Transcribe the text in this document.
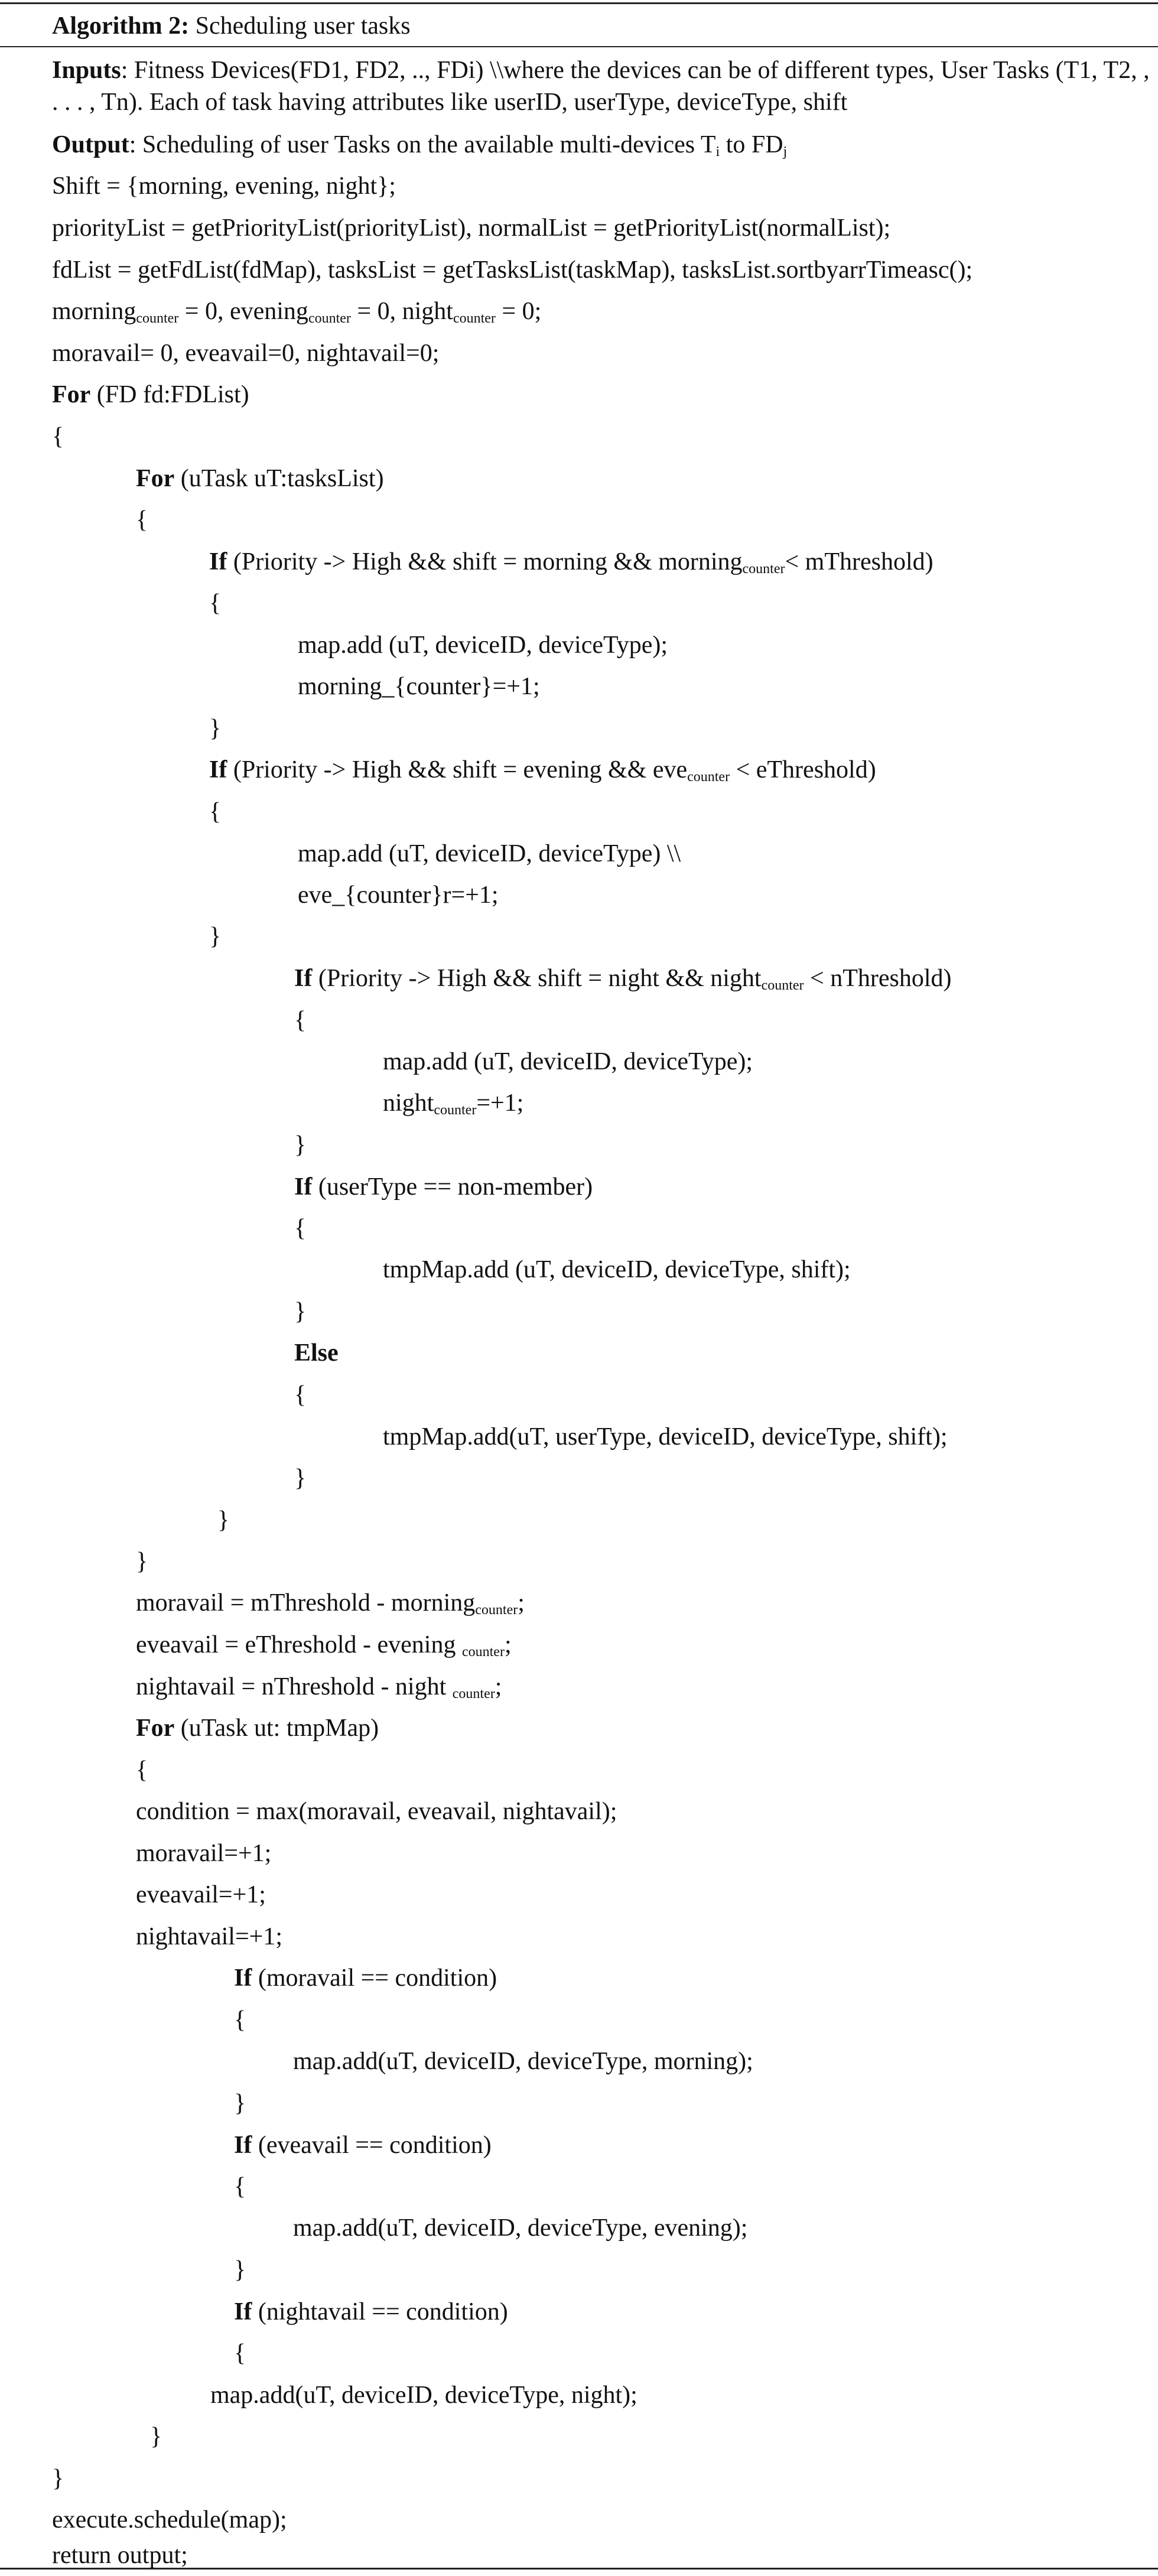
Algorithm 2: Scheduling user tasks
Inputs: Fitness Devices(FD1, FD2, .., FDi) \\where the devices can be of different types, User Tasks (T1, T2, , . . . , Tn). Each of task having attributes like userID, userType, deviceType, shift
Output: Scheduling of user Tasks on the available multi-devices $T_i$ to $FD_j$
Shift = {morning, evening, night};
priorityList = getPriorityList(priorityList), normalList = getPriorityList(normalList);
fdList = getFdList(fdMap), tasksList = getTasksList(taskMap), tasksList.sortbyarrTimeasc();
morning$_{counter}$ = 0, evening$_{counter}$ = 0, night$_{counter}$ = 0;
moravail= 0, eveavail=0, nightavail=0;
For (FD fd:FDList)
{
For (uTask uT:tasksList)
{
If (Priority -> High && shift = morning && morning$_{counter}$< mThreshold)
{
map.add (uT, deviceID, deviceType);
morning_{counter}=+1;
}
If (Priority -> High && shift = evening && eve$_{counter}$ < eThreshold)
{
map.add (uT, deviceID, deviceType) \\
eve_{counter}r=+1;
}
If (Priority -> High && shift = night && night$_{counter}$ < nThreshold)
{
map.add (uT, deviceID, deviceType);
night$_{counter}$=+1;
}
If (userType == non-member)
{
tmpMap.add (uT, deviceID, deviceType, shift);
}
Else
{
tmpMap.add(uT, userType, deviceID, deviceType, shift);
}
}
}
moravail = mThreshold - morning$_{counter}$;
eveavail = eThreshold - evening $_{counter}$;
nightavail = nThreshold - night $_{counter}$;
For (uTask ut: tmpMap)
{
condition = max(moravail, eveavail, nightavail);
moravail=+1;
eveavail=+1;
nightavail=+1;
If (moravail == condition)
{
map.add(uT, deviceID, deviceType, morning);
}
If (eveavail == condition)
{
map.add(uT, deviceID, deviceType, evening);
}
If (nightavail == condition)
{
map.add(uT, deviceID, deviceType, night);
}
}
execute.schedule(map);
return output;
